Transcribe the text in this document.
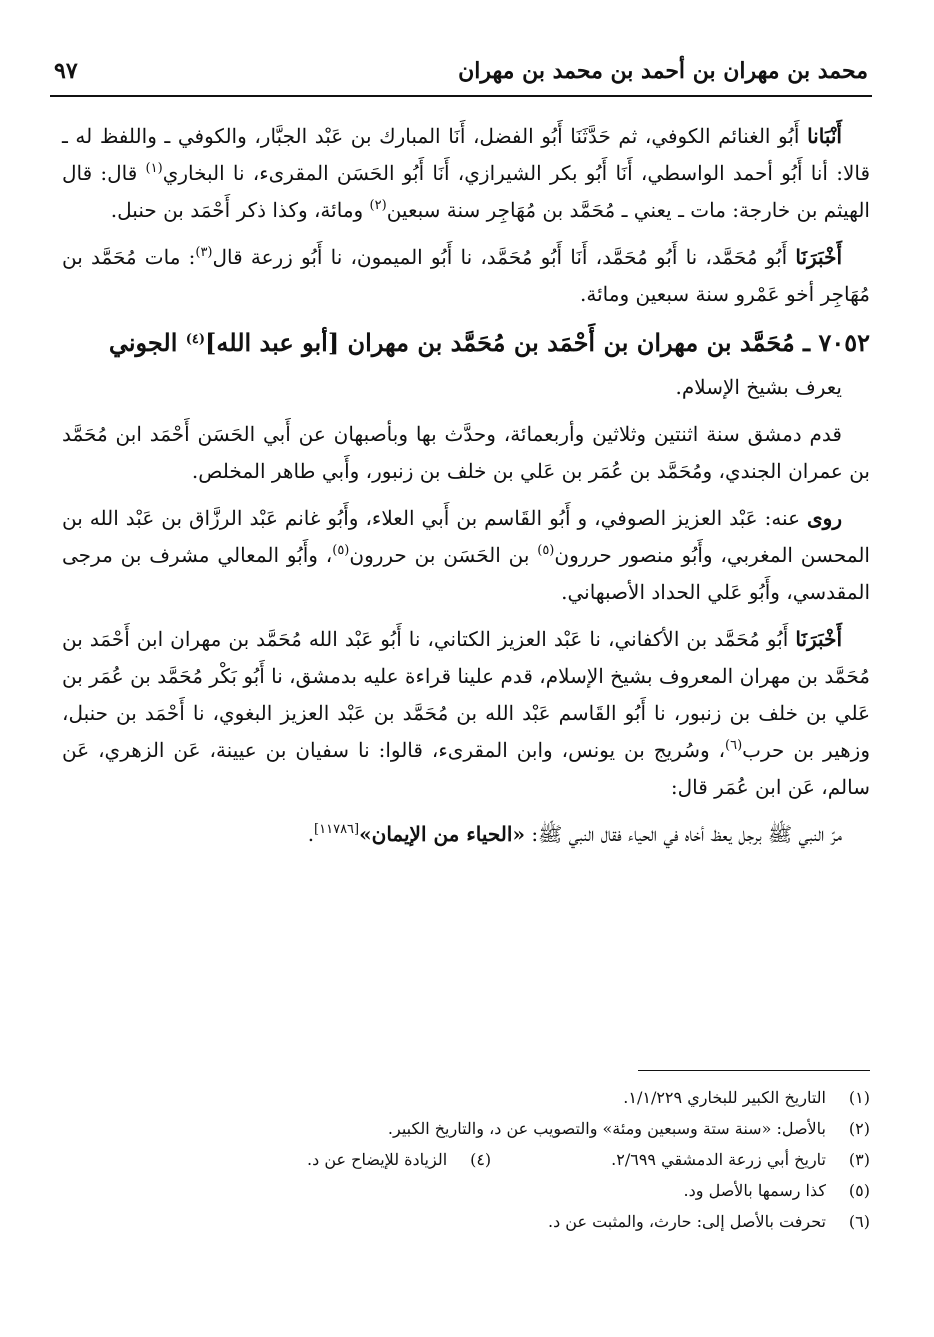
محمد بن مهران بن أحمد بن محمد بن مهران
٩٧

أَنْبَانا أَبُو الغنائم الكوفي، ثم حَدَّثَنَا أَبُو الفضل، أَنَا المبارك بن عَبْد الجبَّار، والكوفي ـ واللفظ له ـ قالا: أنا أَبُو أحمد الواسطي، أَنَا أَبُو بكر الشيرازي، أَنَا أَبُو الحَسَن المقرىء، نا البخاري$^{(١)}$ قال: قال الهيثم بن خارجة: مات ـ يعني ـ مُحَمَّد بن مُهَاجِر سنة سبعين$^{(٢)}$ ومائة، وكذا ذكر أَحْمَد بن حنبل.

أَخْبَرَنَا أَبُو مُحَمَّد، نا أَبُو مُحَمَّد، أَنَا أَبُو مُحَمَّد، نا أَبُو الميمون، نا أَبُو زرعة قال$^{(٣)}$: مات مُحَمَّد بن مُهَاجِر أخو عَمْرو سنة سبعين ومائة.

٧٠٥٢ ـ مُحَمَّد بن مهران بن أَحْمَد بن مُحَمَّد بن مهران [أبو عبد الله]$^{(٤)}$ الجوني

يعرف بشيخ الإسلام.

قدم دمشق سنة اثنتين وثلاثين وأربعمائة، وحدَّث بها وبأصبهان عن أَبي الحَسَن أَحْمَد ابن مُحَمَّد بن عمران الجندي، ومُحَمَّد بن عُمَر بن عَلي بن خلف بن زنبور، وأَبي طاهر المخلص.

روى عنه: عَبْد العزيز الصوفي، و أَبُو القَاسم بن أَبي العلاء، وأَبُو غانم عَبْد الرزَّاق بن عَبْد الله بن المحسن المغربي، وأَبُو منصور حررون$^{(٥)}$ بن الحَسَن بن حررون$^{(٥)}$، وأَبُو المعالي مشرف بن مرجى المقدسي، وأَبُو عَلي الحداد الأصبهاني.

أَخْبَرَنَا أَبُو مُحَمَّد بن الأكفاني، نا عَبْد العزيز الكتاني، نا أَبُو عَبْد الله مُحَمَّد بن مهران ابن أَحْمَد بن مُحَمَّد بن مهران المعروف بشيخ الإسلام، قدم علينا قراءة عليه بدمشق، نا أَبُو بَكْر مُحَمَّد بن عُمَر بن عَلي بن خلف بن زنبور، نا أَبُو القَاسم عَبْد الله بن مُحَمَّد بن عَبْد العزيز البغوي، نا أَحْمَد بن حنبل، وزهير بن حرب$^{(٦)}$، وسُريج بن يونس، وابن المقرىء، قالوا: نا سفيان بن عيينة، عَن الزهري، عَن سالم، عَن ابن عُمَر قال:

مرّ النبي ﷺ برجل يعظ أخاه في الحياء فقال النبي ﷺ: «الحياء من الإيمان»[١١٧٨٦].

(١)
التاريخ الكبير للبخاري ١/١/٢٢٩.
(٢)
بالأصل: «سنة ستة وسبعين ومئة» والتصويب عن د، والتاريخ الكبير.
(٣)
تاريخ أبي زرعة الدمشقي ٢/٦٩٩.
(٤)
الزيادة للإيضاح عن د.
(٥)
كذا رسمها بالأصل ود.
(٦)
تحرفت بالأصل إلى: حارث، والمثبت عن د.
